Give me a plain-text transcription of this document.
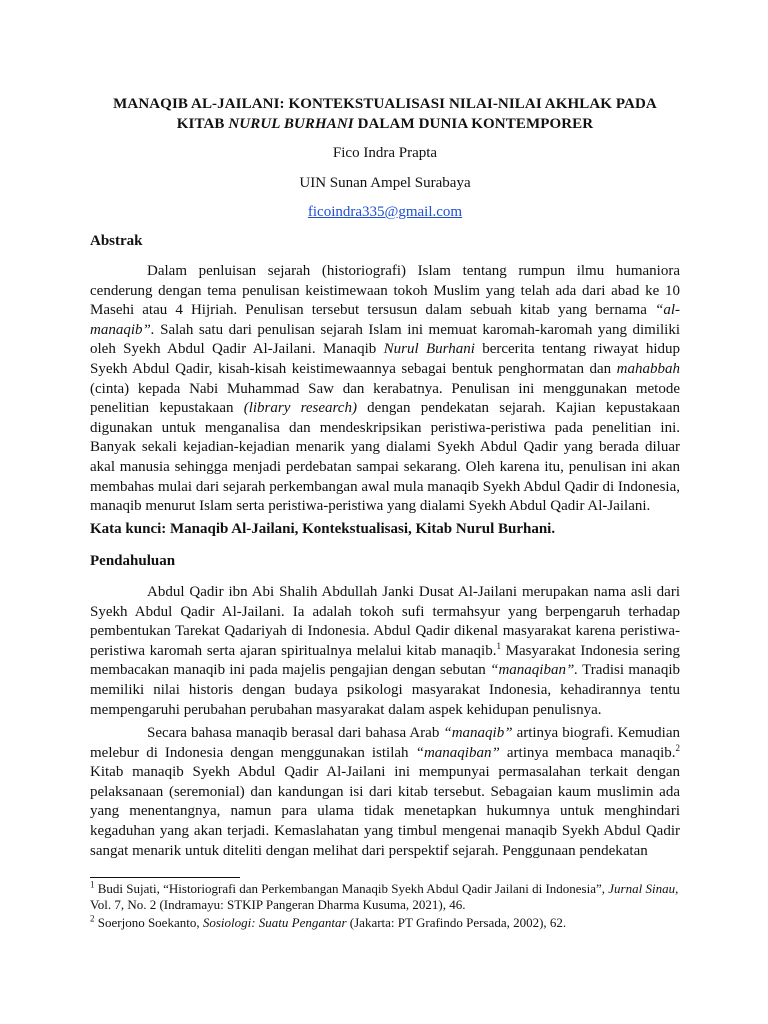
MANAQIB AL-JAILANI: KONTEKSTUALISASI NILAI-NILAI AKHLAK PADA
KITAB NURUL BURHANI DALAM DUNIA KONTEMPORER
Fico Indra Prapta
UIN Sunan Ampel Surabaya
ficoindra335@gmail.com
Abstrak
Dalam penluisan sejarah (historiografi) Islam tentang rumpun ilmu humaniora cenderung dengan tema penulisan keistimewaan tokoh Muslim yang telah ada dari abad ke 10 Masehi atau 4 Hijriah. Penulisan tersebut tersusun dalam sebuah kitab yang bernama “al-manaqib”. Salah satu dari penulisan sejarah Islam ini memuat karomah-karomah yang dimiliki oleh Syekh Abdul Qadir Al-Jailani. Manaqib Nurul Burhani bercerita tentang riwayat hidup Syekh Abdul Qadir, kisah-kisah keistimewaannya sebagai bentuk penghormatan dan mahabbah (cinta) kepada Nabi Muhammad Saw dan kerabatnya. Penulisan ini menggunakan metode penelitian kepustakaan (library research) dengan pendekatan sejarah. Kajian kepustakaan digunakan untuk menganalisa dan mendeskripsikan peristiwa-peristiwa pada penelitian ini. Banyak sekali kejadian-kejadian menarik yang dialami Syekh Abdul Qadir yang berada diluar akal manusia sehingga menjadi perdebatan sampai sekarang. Oleh karena itu, penulisan ini akan membahas mulai dari sejarah perkembangan awal mula manaqib Syekh Abdul Qadir di Indonesia, manaqib menurut Islam serta peristiwa-peristiwa yang dialami Syekh Abdul Qadir Al-Jailani.
Kata kunci: Manaqib Al-Jailani, Kontekstualisasi, Kitab Nurul Burhani.
Pendahuluan
Abdul Qadir ibn Abi Shalih Abdullah Janki Dusat Al-Jailani merupakan nama asli dari Syekh Abdul Qadir Al-Jailani. Ia adalah tokoh sufi termahsyur yang berpengaruh terhadap pembentukan Tarekat Qadariyah di Indonesia. Abdul Qadir dikenal masyarakat karena peristiwa-peristiwa karomah serta ajaran spiritualnya melalui kitab manaqib.$^1$ Masyarakat Indonesia sering membacakan manaqib ini pada majelis pengajian dengan sebutan “manaqiban”. Tradisi manaqib memiliki nilai historis dengan budaya psikologi masyarakat Indonesia, kehadirannya tentu mempengaruhi perubahan perubahan masyarakat dalam aspek kehidupan penulisnya.
Secara bahasa manaqib berasal dari bahasa Arab “manaqib” artinya biografi. Kemudian melebur di Indonesia dengan menggunakan istilah “manaqiban” artinya membaca manaqib.$^2$ Kitab manaqib Syekh Abdul Qadir Al-Jailani ini mempunyai permasalahan terkait dengan pelaksanaan (seremonial) dan kandungan isi dari kitab tersebut. Sebagaian kaum muslimin ada yang menentangnya, namun para ulama tidak menetapkan hukumnya untuk menghindari kegaduhan yang akan terjadi. Kemaslahatan yang timbul mengenai manaqib Syekh Abdul Qadir sangat menarik untuk diteliti dengan melihat dari perspektif sejarah. Penggunaan pendekatan
$^1$ Budi Sujati, “Historiografi dan Perkembangan Manaqib Syekh Abdul Qadir Jailani di Indonesia”, Jurnal Sinau, Vol. 7, No. 2 (Indramayu: STKIP Pangeran Dharma Kusuma, 2021), 46.
$^2$ Soerjono Soekanto, Sosiologi: Suatu Pengantar (Jakarta: PT Grafindo Persada, 2002), 62.
